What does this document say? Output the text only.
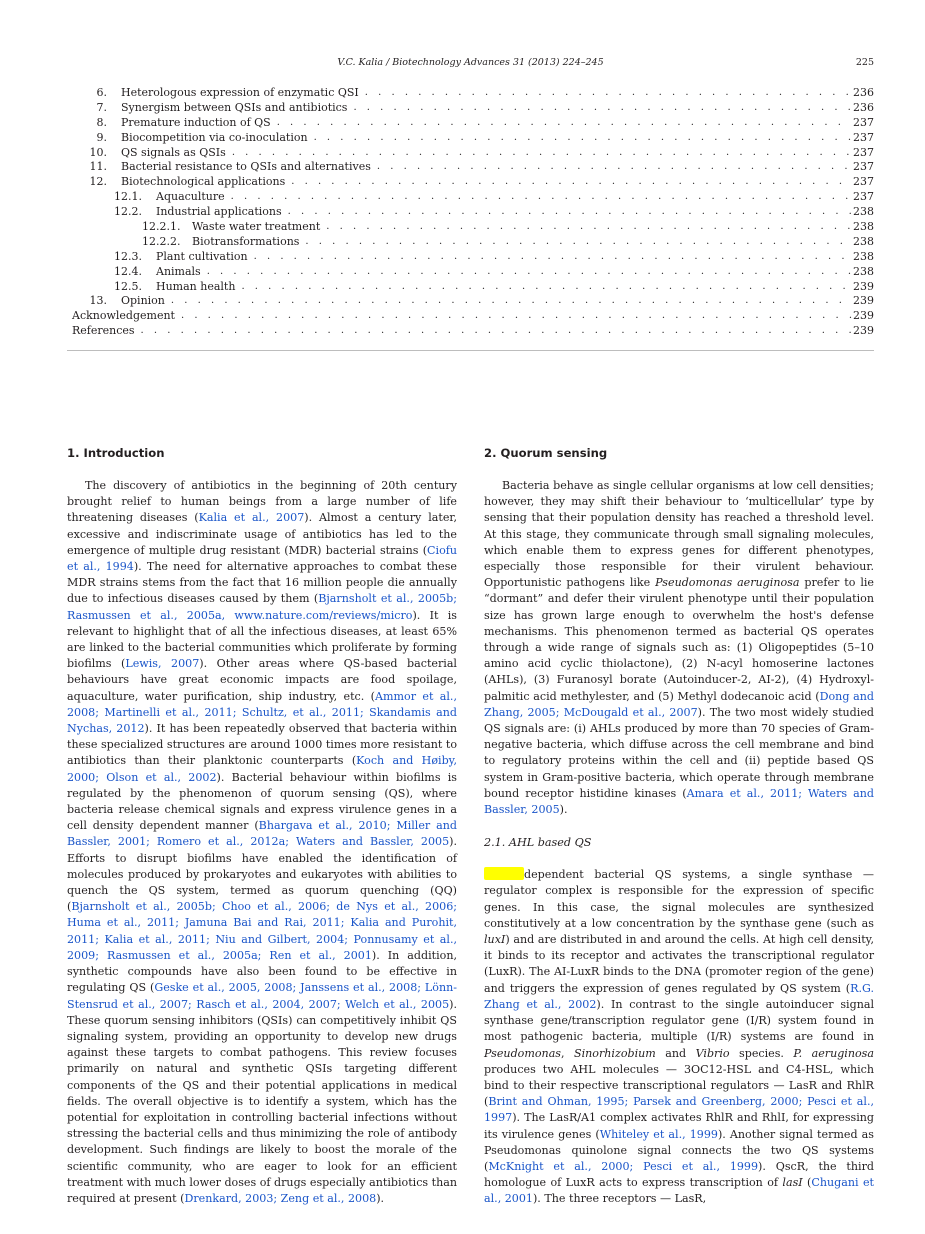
V.C. Kalia / Biotechnology Advances 31 (2013) 224–245	225
6. Heterologous expression of enzymatic QSI . . .	236
7. Synergism between QSIs and antibiotics . . .	236
8. Premature induction of QS . . .	237
9. Biocompetition via co-inoculation . . .	237
10. QS signals as QSIs . . .	237
11. Bacterial resistance to QSIs and alternatives . . .	237
12. Biotechnological applications . . .	237
12.1. Aquaculture . . .	237
12.2. Industrial applications . . .	238
12.2.1. Waste water treatment . . .	238
12.2.2. Biotransformations . . .	238
12.3. Plant cultivation . . .	238
12.4. Animals . . .	238
12.5. Human health . . .	239
13. Opinion . . .	239
Acknowledgement . . .	239
References . . .	239
1. Introduction

The discovery of antibiotics in the beginning of 20th century brought relief to human beings from a large number of life threatening diseases (Kalia et al., 2007). Almost a century later, excessive and indiscriminate usage of antibiotics has led to the emergence of multiple drug resistant (MDR) bacterial strains (Ciofu et al., 1994). The need for alternative approaches to combat these MDR strains stems from the fact that 16 million people die annually due to infectious diseases caused by them (Bjarnsholt et al., 2005b; Rasmussen et al., 2005a, www.nature.com/reviews/micro). It is relevant to highlight that of all the infectious diseases, at least 65% are linked to the bacterial communities which proliferate by forming biofilms (Lewis, 2007). Other areas where QS-based bacterial behaviours have great economic impacts are food spoilage, aquaculture, water purification, ship industry, etc. (Ammor et al., 2008; Martinelli et al., 2011; Schultz, et al., 2011; Skandamis and Nychas, 2012). It has been repeatedly observed that bacteria within these specialized structures are around 1000 times more resistant to antibiotics than their planktonic counterparts (Koch and Høiby, 2000; Olson et al., 2002). Bacterial behaviour within biofilms is regulated by the phenomenon of quorum sensing (QS), where bacteria release chemical signals and express virulence genes in a cell density dependent manner (Bhargava et al., 2010; Miller and Bassler, 2001; Romero et al., 2012a; Waters and Bassler, 2005). Efforts to disrupt biofilms have enabled the identification of molecules produced by prokaryotes and eukaryotes with abilities to quench the QS system, termed as quorum quenching (QQ) (Bjarnsholt et al., 2005b; Choo et al., 2006; de Nys et al., 2006; Huma et al., 2011; Jamuna Bai and Rai, 2011; Kalia and Purohit, 2011; Kalia et al., 2011; Niu and Gilbert, 2004; Ponnusamy et al., 2009; Rasmussen et al., 2005a; Ren et al., 2001). In addition, synthetic compounds have also been found to be effective in regulating QS (Geske et al., 2005, 2008; Janssens et al., 2008; Lönn-Stensrud et al., 2007; Rasch et al., 2004, 2007; Welch et al., 2005). These quorum sensing inhibitors (QSIs) can competitively inhibit QS signaling system, providing an opportunity to develop new drugs against these targets to combat pathogens. This review focuses primarily on natural and synthetic QSIs targeting different components of the QS and their potential applications in medical fields. The overall objective is to identify a system, which has the potential for exploitation in controlling bacterial infections without stressing the bacterial cells and thus minimizing the role of antibody development. Such findings are likely to boost the morale of the scientific community, who are eager to look for an efficient treatment with much lower doses of drugs especially antibiotics than required at present (Drenkard, 2003; Zeng et al., 2008).

2. Quorum sensing

Bacteria behave as single cellular organisms at low cell densities; however, they may shift their behaviour to ‘multicellular’ type by sensing that their population density has reached a threshold level. At this stage, they communicate through small signaling molecules, which enable them to express genes for different phenotypes, especially those responsible for their virulent behaviour. Opportunistic pathogens like Pseudomonas aeruginosa prefer to lie “dormant” and defer their virulent phenotype until their population size has grown large enough to overwhelm the host's defense mechanisms. This phenomenon termed as bacterial QS operates through a wide range of signals such as: (1) Oligopeptides (5–10 amino acid cyclic thiolactone), (2) N-acyl homoserine lactones (AHLs), (3) Furanosyl borate (Autoinducer-2, AI-2), (4) Hydroxyl-palmitic acid methylester, and (5) Methyl dodecanoic acid (Dong and Zhang, 2005; McDougald et al., 2007). The two most widely studied QS signals are: (i) AHLs produced by more than 70 species of Gram-negative bacteria, which diffuse across the cell membrane and bind to regulatory proteins within the cell and (ii) peptide based QS system in Gram-positive bacteria, which operate through membrane bound receptor histidine kinases (Amara et al., 2011; Waters and Bassler, 2005).

2.1. AHL based QS

dependent bacterial QS systems, a single synthase — regulator complex is responsible for the expression of specific genes. In this case, the signal molecules are synthesized constitutively at a low concentration by the synthase gene (such as luxI) and are distributed in and around the cells. At high cell density, it binds to its receptor and activates the transcriptional regulator (LuxR). The AI-LuxR binds to the DNA (promoter region of the gene) and triggers the expression of genes regulated by QS system (R.G. Zhang et al., 2002). In contrast to the single autoinducer signal synthase gene/transcription regulator gene (I/R) system found in most pathogenic bacteria, multiple (I/R) systems are found in Pseudomonas, Sinorhizobium and Vibrio species. P. aeruginosa produces two AHL molecules — 3OC12-HSL and C4-HSL, which bind to their respective transcriptional regulators — LasR and RhlR (Brint and Ohman, 1995; Parsek and Greenberg, 2000; Pesci et al., 1997). The LasR/A1 complex activates RhlR and RhlI, for expressing its virulence genes (Whiteley et al., 1999). Another signal termed as Pseudomonas quinolone signal connects the two QS systems (McKnight et al., 2000; Pesci et al., 1999). QscR, the third homologue of LuxR acts to express transcription of lasI (Chugani et al., 2001). The three receptors — LasR,
